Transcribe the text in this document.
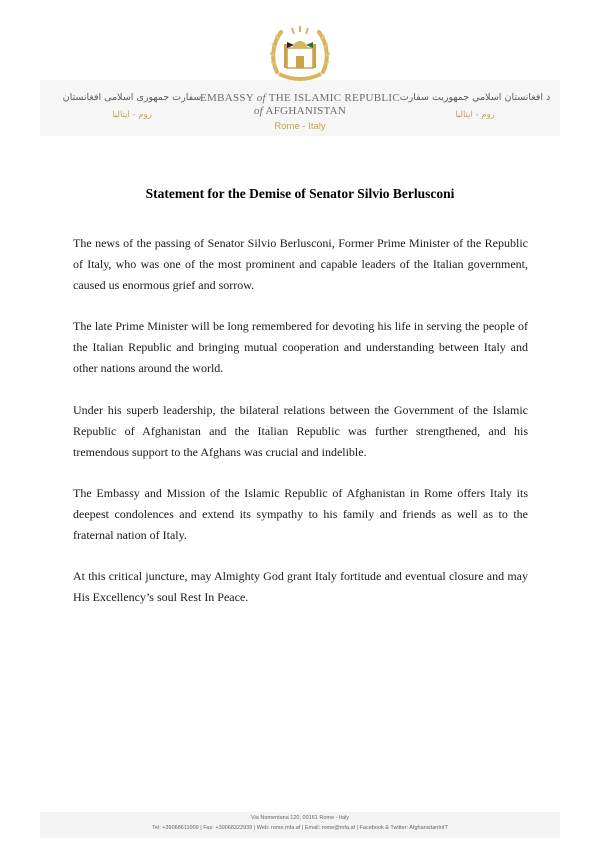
سفارت جمهوری اسلامی افغانستان
روم - ایتالیا
EMBASSY of THE ISLAMIC REPUBLIC
of AFGHANISTAN
Rome - Italy
د افغانستان اسلامي جمهوریت سفارت
روم - ایتالیا
Statement for the Demise of Senator Silvio Berlusconi

The news of the passing of Senator Silvio Berlusconi, Former Prime Minister of the Republic of Italy, who was one of the most prominent and capable leaders of the Italian government, caused us enormous grief and sorrow.

The late Prime Minister will be long remembered for devoting his life in serving the people of the Italian Republic and bringing mutual cooperation and understanding between Italy and other nations around the world.

Under his superb leadership, the bilateral relations between the Government of the Islamic Republic of Afghanistan and the Italian Republic was further strengthened, and his tremendous support to the Afghans was crucial and indelible.

The Embassy and Mission of the Islamic Republic of Afghanistan in Rome offers Italy its deepest condolences and extend its sympathy to his family and friends as well as to the fraternal nation of Italy.

At this critical juncture, may Almighty God grant Italy fortitude and eventual closure and may His Excellency’s soul Rest In Peace.

Via Nomentana 120, 00161 Rome - Italy
Tel: +39068611009 | Fax: +39068322939 | Web: rome.mfa.af | Email: rome@mfa.af | Facebook & Twitter: AfghanistanInIT
